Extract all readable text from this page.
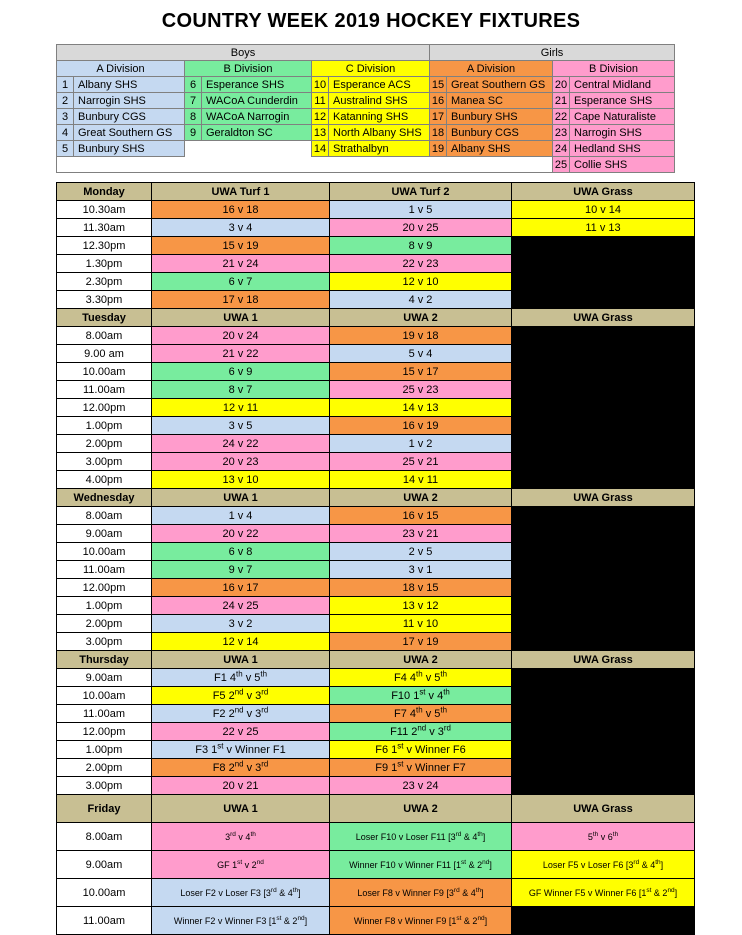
COUNTRY WEEK 2019 HOCKEY FIXTURES
Boys						Girls			
A Division		B Division		C Division		A Division		B Division	
1	Albany SHS	6	Esperance SHS	10	Esperance ACS	15	Great Southern GS	20	Central Midland
2	Narrogin SHS	7	WACoA Cunderdin	11	Australind SHS	16	Manea SC	21	Esperance SHS
3	Bunbury CGS	8	WACoA Narrogin	12	Katanning SHS	17	Bunbury SHS	22	Cape Naturaliste
4	Great Southern GS	9	Geraldton SC	13	North Albany SHS	18	Bunbury CGS	23	Narrogin SHS
5	Bunbury SHS			14	Strathalbyn	19	Albany SHS	24	Hedland SHS
								25	Collie SHS
Monday	UWA Turf 1	UWA Turf 2	UWA Grass
10.30am	16 v 18	1 v 5	10 v 14
11.30am	3 v 4	20 v 25	11 v 13
12.30pm	15 v 19	8 v 9	
1.30pm	21 v 24	22 v 23	
2.30pm	6 v 7	12 v 10	
3.30pm	17 v 18	4 v 2	
Tuesday	UWA 1	UWA 2	UWA Grass
8.00am	20 v 24	19 v 18	
9.00 am	21 v 22	5 v 4	
10.00am	6 v 9	15 v 17	
11.00am	8 v 7	25 v 23	
12.00pm	12 v 11	14 v 13	
1.00pm	3 v 5	16 v 19	
2.00pm	24 v 22	1 v 2	
3.00pm	20 v 23	25 v 21	
4.00pm	13 v 10	14 v 11	
Wednesday	UWA 1	UWA 2	UWA Grass
8.00am	1 v 4	16 v 15	
9.00am	20 v 22	23 v 21	
10.00am	6 v 8	2 v 5	
11.00am	9 v 7	3 v 1	
12.00pm	16 v 17	18 v 15	
1.00pm	24 v 25	13 v 12	
2.00pm	3 v 2	11 v 10	
3.00pm	12 v 14	17 v 19	
Thursday	UWA 1	UWA 2	UWA Grass
9.00am	F1 4th v 5th	F4 4th v 5th	
10.00am	F5 2nd v 3rd	F10 1st v 4th	
11.00am	F2 2nd v 3rd	F7 4th v 5th	
12.00pm	22 v 25	F11 2nd v 3rd	
1.00pm	F3 1st v Winner F1	F6 1st v Winner F6	
2.00pm	F8 2nd v 3rd	F9 1st v Winner F7	
3.00pm	20 v 21	23 v 24	
Friday	UWA 1	UWA 2	UWA Grass
8.00am	3rd v 4th	Loser F10 v Loser F11 [3rd & 4th]	5th v 6th
9.00am	GF 1st v 2nd	Winner F10 v Winner F11 [1st & 2nd]	Loser F5 v Loser F6 [3rd & 4th]
10.00am	Loser F2 v Loser F3 [3rd & 4th]	Loser F8 v Winner F9 [3rd & 4th]	GF Winner F5 v Winner F6 [1st & 2nd]
11.00am	Winner F2 v Winner F3 [1st & 2nd]	Winner F8 v Winner F9 [1st & 2nd]	
